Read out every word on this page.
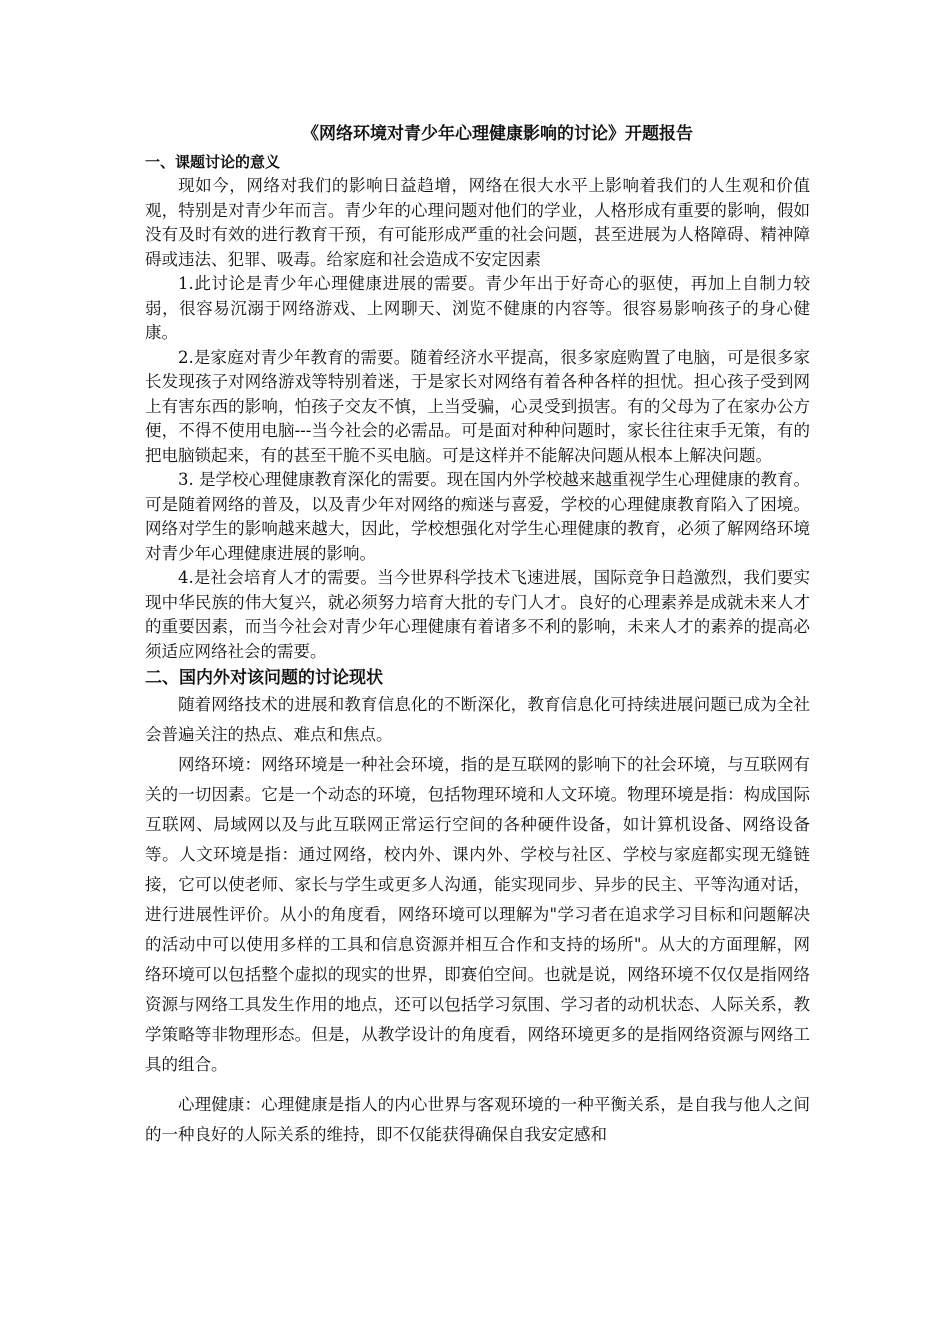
《网络环境对青少年心理健康影响的讨论》开题报告
一、课题讨论的意义

现如今，网络对我们的影响日益趋增，网络在很大水平上影响着我们的人生观和价值观，特别是对青少年而言。青少年的心理问题对他们的学业，人格形成有重要的影响，假如没有及时有效的进行教育干预，有可能形成严重的社会问题，甚至进展为人格障碍、精神障碍或违法、犯罪、吸毒。给家庭和社会造成不安定因素

1.此讨论是青少年心理健康进展的需要。青少年出于好奇心的驱使，再加上自制力较弱，很容易沉溺于网络游戏、上网聊天、浏览不健康的内容等。很容易影响孩子的身心健康。

2.是家庭对青少年教育的需要。随着经济水平提高，很多家庭购置了电脑，可是很多家长发现孩子对网络游戏等特别着迷，于是家长对网络有着各种各样的担忧。担心孩子受到网上有害东西的影响，怕孩子交友不慎，上当受骗，心灵受到损害。有的父母为了在家办公方便，不得不使用电脑---当今社会的必需品。可是面对种种问题时，家长往往束手无策，有的把电脑锁起来，有的甚至干脆不买电脑。可是这样并不能解决问题从根本上解决问题。

3. 是学校心理健康教育深化的需要。现在国内外学校越来越重视学生心理健康的教育。可是随着网络的普及，以及青少年对网络的痴迷与喜爱，学校的心理健康教育陷入了困境。网络对学生的影响越来越大，因此，学校想强化对学生心理健康的教育，必须了解网络环境对青少年心理健康进展的影响。

4.是社会培育人才的需要。当今世界科学技术飞速进展，国际竞争日趋激烈，我们要实现中华民族的伟大复兴，就必须努力培育大批的专门人才。良好的心理素养是成就未来人才的重要因素，而当今社会对青少年心理健康有着诸多不利的影响，未来人才的素养的提高必须适应网络社会的需要。

二、国内外对该问题的讨论现状

随着网络技术的进展和教育信息化的不断深化，教育信息化可持续进展问题已成为全社会普遍关注的热点、难点和焦点。

网络环境：网络环境是一种社会环境，指的是互联网的影响下的社会环境，与互联网有关的一切因素。它是一个动态的环境，包括物理环境和人文环境。物理环境是指：构成国际互联网、局域网以及与此互联网正常运行空间的各种硬件设备，如计算机设备、网络设备等。人文环境是指：通过网络，校内外、课内外、学校与社区、学校与家庭都实现无缝链接，它可以使老师、家长与学生或更多人沟通，能实现同步、异步的民主、平等沟通对话，进行进展性评价。从小的角度看，网络环境可以理解为"学习者在追求学习目标和问题解决的活动中可以使用多样的工具和信息资源并相互合作和支持的场所"。从大的方面理解，网络环境可以包括整个虚拟的现实的世界，即赛伯空间。也就是说，网络环境不仅仅是指网络资源与网络工具发生作用的地点，还可以包括学习氛围、学习者的动机状态、人际关系，教学策略等非物理形态。但是，从教学设计的角度看，网络环境更多的是指网络资源与网络工具的组合。

心理健康：心理健康是指人的内心世界与客观环境的一种平衡关系，是自我与他人之间的一种良好的人际关系的维持，即不仅能获得确保自我安定感和
